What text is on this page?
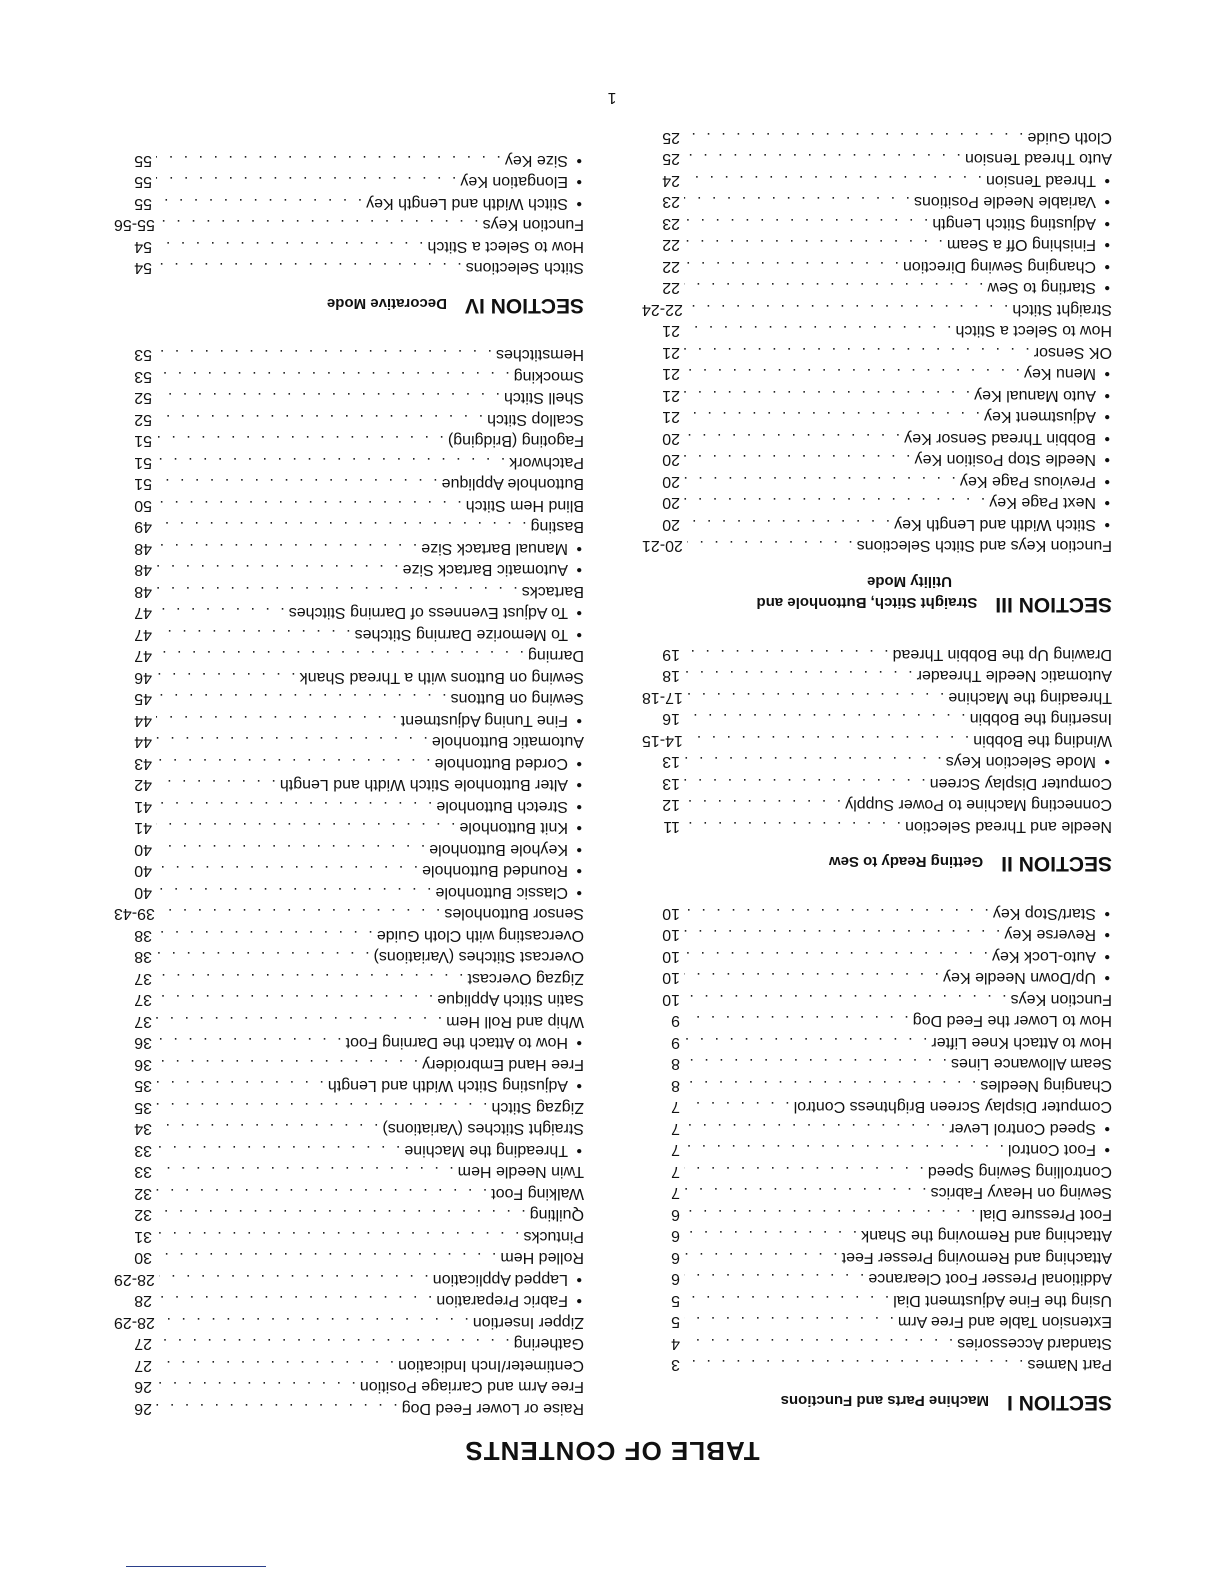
TABLE OF CONTENTS
SECTION IMachine Parts and Functions
Part Names
. . .
3
Standard Accessories
. . .
4
Extension Table and Free Arm
. . .
5
Using the Fine Adjustment Dial
. . .
5
Additional Presser Foot Clearance
. . .
6
Attaching and Removing Presser Feet
. . .
6
Attaching and Removing the Shank
. . .
6
Foot Pressure Dial
. . .
6
Sewing on Heavy Fabrics
. . .
7
Controlling Sewing Speed
. . .
7
• Foot Control
. . .
7
• Speed Control Lever
. . .
7
Computer Display Screen Brightness Control
. . .
7
Changing Needles
. . .
8
Seam Allowance Lines
. . .
8
How to Attach Knee Lifter
. . .
9
How to Lower the Feed Dog
. . .
9
Function Keys
. . .
10
• Up/Down Needle Key
. . .
10
• Auto-Lock Key
. . .
10
• Reverse Key
. . .
10
• Start/Stop Key
. . .
10
SECTION IIGetting Ready to Sew
Needle and Thread Selection
. . .
11
Connecting Machine to Power Supply
. . .
12
Computer Display Screen
. . .
13
• Mode Selection Keys
. . .
13
Winding the Bobbin
. . .
14-15
Inserting the Bobbin
. . .
16
Threading the Machine
. . .
17-18
Automatic Needle Threader
. . .
18
Drawing Up the Bobbin Thread
. . .
19
SECTION IIIStraight Stitch, Buttonhole and
Utility Mode
Function Keys and Stitch Selections
. . .
20-21
• Stitch Width and Length Key
. . .
20
• Next Page Key
. . .
20
• Previous Page Key
. . .
20
• Needle Stop Position Key
. . .
20
• Bobbin Thread Sensor Key
. . .
20
• Adjustment Key
. . .
21
• Auto Manual Key
. . .
21
• Menu Key
. . .
21
OK Sensor
. . .
21
How to Select a Stitch
. . .
21
Straight Stitch
. . .
22-24
• Starting to Sew
. . .
22
• Changing Sewing Direction
. . .
22
• Finishing Off a Seam
. . .
22
• Adjusting Stitch Length
. . .
23
• Variable Needle Positions
. . .
23
• Thread Tension
. . .
24
Auto Thread Tension
. . .
25
Cloth Guide
. . .
25
Raise or Lower Feed Dog
. . .
26
Free Arm and Carriage Position
. . .
26
Centimeter/Inch Indication
. . .
27
Gathering
. . .
27
Zipper Insertion
. . .
28-29
• Fabric Preparation
. . .
28
• Lapped Application
. . .
28-29
Rolled Hem
. . .
30
Pintucks
. . .
31
Quilting
. . .
32
Walking Foot
. . .
32
Twin Needle Hem
. . .
33
• Threading the Machine
. . .
33
Straight Stitches (Variations)
. . .
34
Zigzag Stitch
. . .
35
• Adjusting Stitch Width and Length
. . .
35
Free Hand Embroidery
. . .
36
• How to Attach the Darning Foot
. . .
36
Whip and Roll Hem
. . .
37
Satin Stitch Applique
. . .
37
Zigzag Overcast
. . .
37
Overcast Stitches (Variations)
. . .
38
Overcasting with Cloth Guide
. . .
38
Sensor Buttonholes
. . .
39-43
• Classic Buttonhole
. . .
40
• Rounded Buttonhole
. . .
40
• Keyhole Buttonhole
. . .
40
• Knit Buttonhole
. . .
41
• Stretch Buttonhole
. . .
41
• Alter Buttonhole Stitch Width and Length
. . .
42
• Corded Buttonhole
. . .
43
Automatic Buttonhole
. . .
44
• Fine Tuning Adjustment
. . .
44
Sewing on Buttons
. . .
45
Sewing on Buttons with a Thread Shank
. . .
46
Darning
. . .
47
• To Memorize Darning Stitches
. . .
47
• To Adjust Evenness of Darning Stitches
. . .
47
Bartacks
. . .
48
• Automatic Bartack Size
. . .
48
• Manual Bartack Size
. . .
48
Basting
. . .
49
Blind Hem Stitch
. . .
50
Buttonhole Applique
. . .
51
Patchwork
. . .
51
Fagoting (Bridging)
. . .
51
Scallop Stitch
. . .
52
Shell Stitch
. . .
52
Smocking
. . .
53
Hemstitches
. . .
53
SECTION IVDecorative Mode
Stitch Selections
. . .
54
How to Select a Stitch
. . .
54
Function Keys
. . .
55-56
• Stitch Width and Length Key
. . .
55
• Elongation Key
. . .
55
• Size Key
. . .
55
1
